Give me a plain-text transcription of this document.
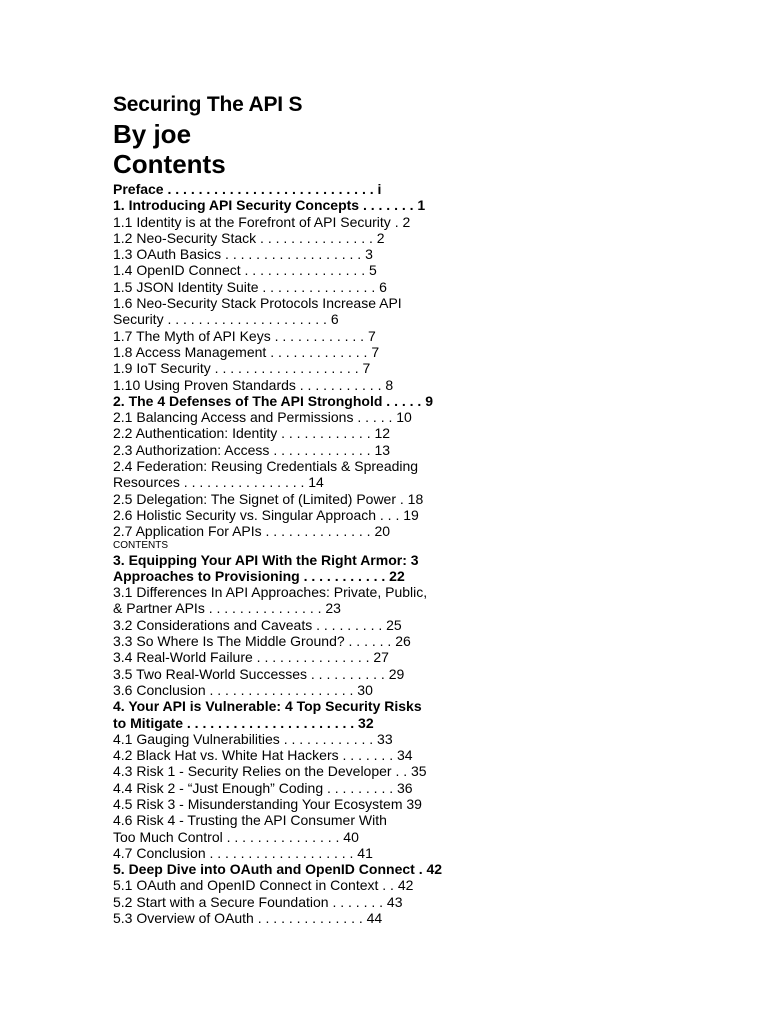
Securing The API S
By joe
Contents
Preface . . . . . . . . . . . . . . . . . . . . . . . . . . . i
1. Introducing API Security Concepts . . . . . . . 1
1.1 Identity is at the Forefront of API Security . 2
1.2 Neo-Security Stack . . . . . . . . . . . . . . . 2
1.3 OAuth Basics . . . . . . . . . . . . . . . . . . 3
1.4 OpenID Connect . . . . . . . . . . . . . . . . 5
1.5 JSON Identity Suite . . . . . . . . . . . . . . . 6
1.6 Neo-Security Stack Protocols Increase API
Security . . . . . . . . . . . . . . . . . . . . . 6
1.7 The Myth of API Keys . . . . . . . . . . . . 7
1.8 Access Management . . . . . . . . . . . . . 7
1.9 IoT Security . . . . . . . . . . . . . . . . . . . 7
1.10 Using Proven Standards . . . . . . . . . . . 8
2. The 4 Defenses of The API Stronghold . . . . . 9
2.1 Balancing Access and Permissions . . . . . 10
2.2 Authentication: Identity . . . . . . . . . . . . 12
2.3 Authorization: Access . . . . . . . . . . . . . 13
2.4 Federation: Reusing Credentials & Spreading
Resources . . . . . . . . . . . . . . . . 14
2.5 Delegation: The Signet of (Limited) Power . 18
2.6 Holistic Security vs. Singular Approach . . . 19
2.7 Application For APIs . . . . . . . . . . . . . . 20
CONTENTS
3. Equipping Your API With the Right Armor: 3
Approaches to Provisioning . . . . . . . . . . . 22
3.1 Differences In API Approaches: Private, Public,
& Partner APIs . . . . . . . . . . . . . . . 23
3.2 Considerations and Caveats . . . . . . . . . 25
3.3 So Where Is The Middle Ground? . . . . . . 26
3.4 Real-World Failure . . . . . . . . . . . . . . . 27
3.5 Two Real-World Successes . . . . . . . . . . 29
3.6 Conclusion . . . . . . . . . . . . . . . . . . . 30
4. Your API is Vulnerable: 4 Top Security Risks
to Mitigate . . . . . . . . . . . . . . . . . . . . . . 32
4.1 Gauging Vulnerabilities . . . . . . . . . . . . 33
4.2 Black Hat vs. White Hat Hackers . . . . . . . 34
4.3 Risk 1 - Security Relies on the Developer . . 35
4.4 Risk 2 - “Just Enough” Coding . . . . . . . . . 36
4.5 Risk 3 - Misunderstanding Your Ecosystem 39
4.6 Risk 4 - Trusting the API Consumer With
Too Much Control . . . . . . . . . . . . . . . 40
4.7 Conclusion . . . . . . . . . . . . . . . . . . . 41
5. Deep Dive into OAuth and OpenID Connect . 42
5.1 OAuth and OpenID Connect in Context . . 42
5.2 Start with a Secure Foundation . . . . . . . 43
5.3 Overview of OAuth . . . . . . . . . . . . . . 44
